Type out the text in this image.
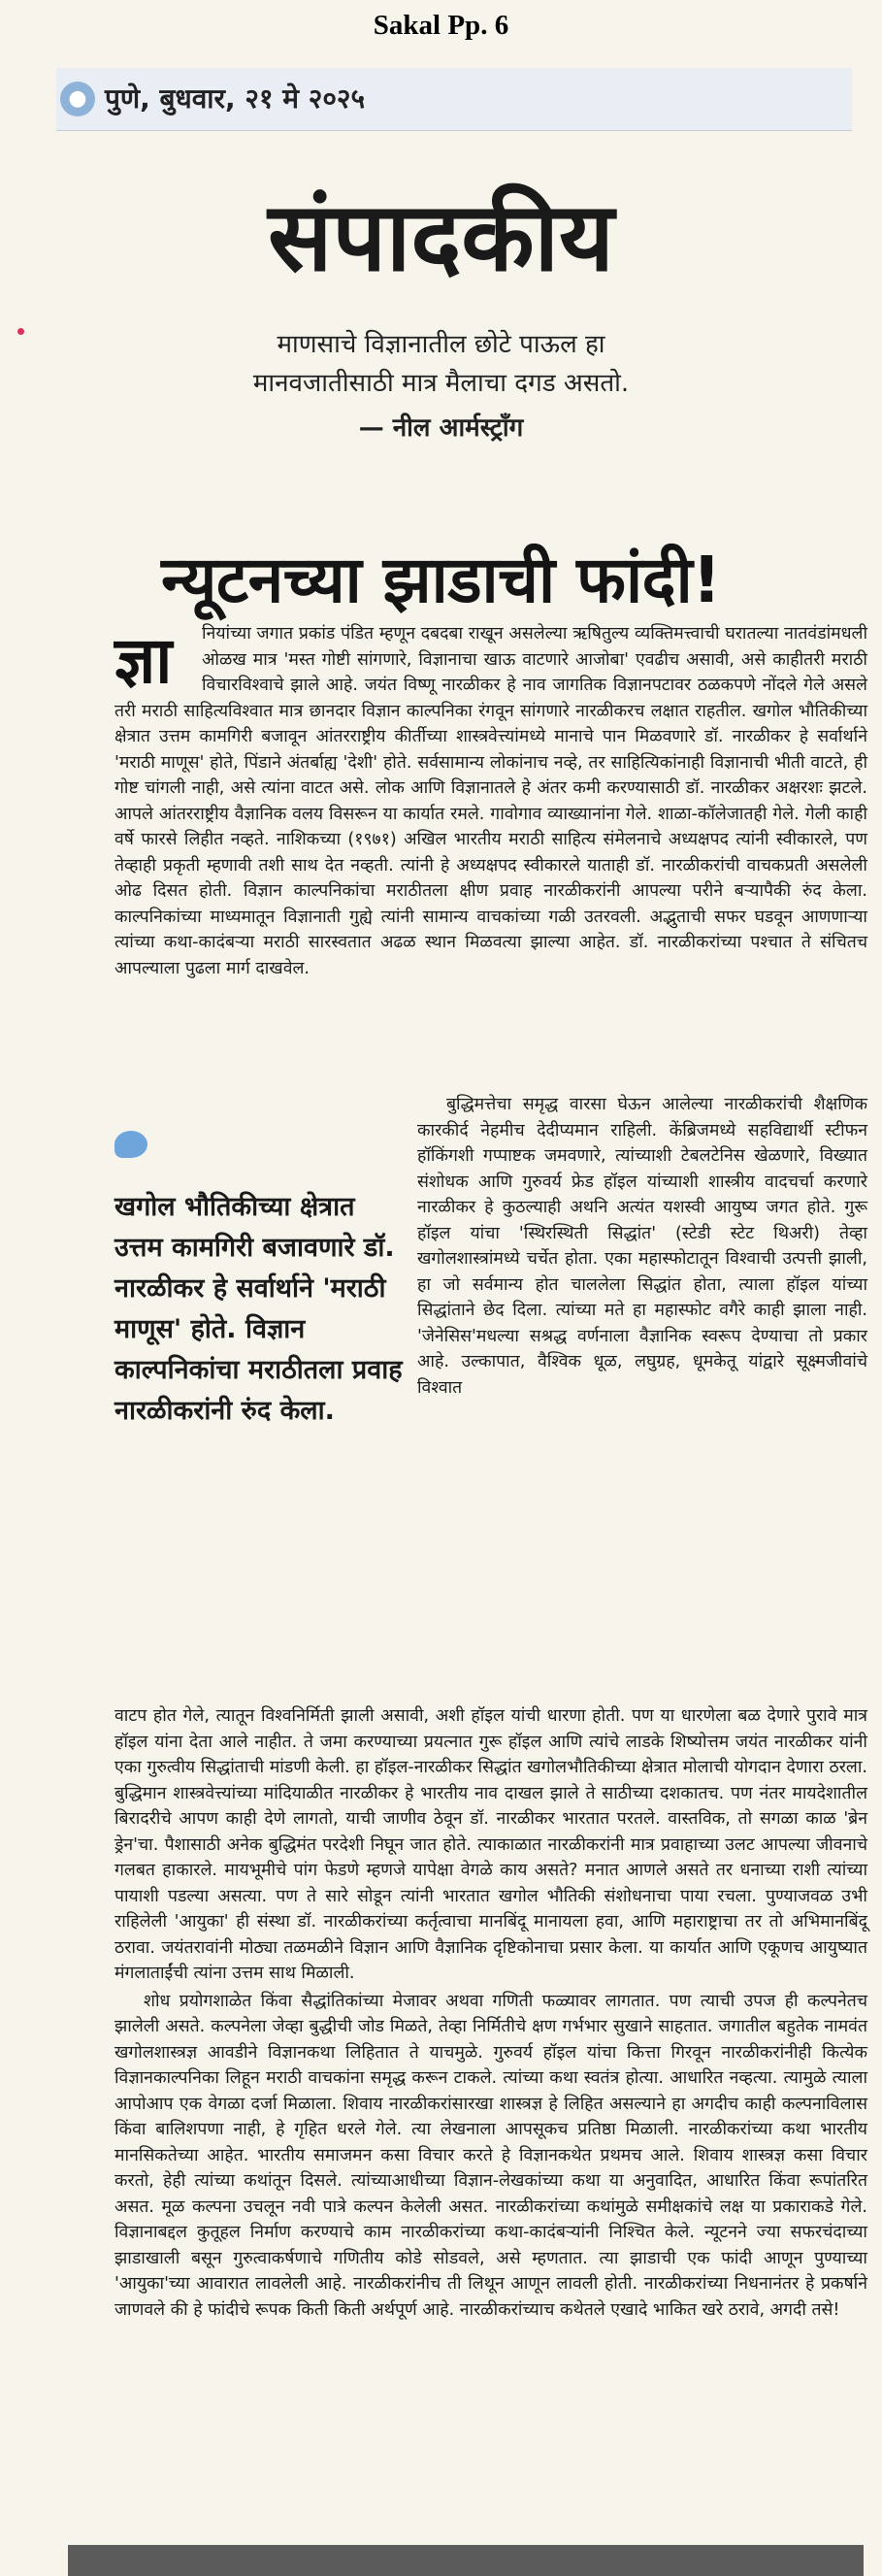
Sakal Pp. 6
● पुणे, बुधवार, २१ मे २०२५
संपादकीय
माणसाचे विज्ञानातील छोटे पाऊल हा
मानवजातीसाठी मात्र मैलाचा दगड असतो.
— नील आर्मस्ट्राँग
न्यूटनच्या झाडाची फांदी!
ज्ञा	नियांच्या जगात प्रकांड पंडित म्हणून दबदबा राखून असलेल्या ऋषितुल्य व्यक्तिमत्त्वाची घरातल्या नातवंडांमधली ओळख मात्र 'मस्त गोष्टी सांगणारे, विज्ञानाचा खाऊ वाटणारे आजोबा' एवढीच असावी, असे काहीतरी मराठी विचारविश्वाचे झाले आहे. जयंत विष्णू नारळीकर हे नाव जागतिक विज्ञानपटावर ठळकपणे नोंदले गेले असले तरी मराठी साहित्यविश्वात मात्र छानदार विज्ञान काल्पनिका रंगवून सांगणारे नारळीकरच लक्षात राहतील. खगोल भौतिकीच्या क्षेत्रात उत्तम कामगिरी बजावून आंतरराष्ट्रीय कीर्तीच्या शास्त्रवेत्त्यांमध्ये मानाचे पान मिळवणारे डॉ. नारळीकर हे सर्वार्थाने 'मराठी माणूस' होते, पिंडाने अंतर्बाह्य 'देशी' होते. सर्वसामान्य लोकांनाच नव्हे, तर साहित्यिकांनाही विज्ञानाची भीती वाटते, ही गोष्ट चांगली नाही, असे त्यांना वाटत असे. लोक आणि विज्ञानातले हे अंतर कमी करण्यासाठी डॉ. नारळीकर अक्षरशः झटले. आपले आंतरराष्ट्रीय वैज्ञानिक वलय विसरून या कार्यात रमले. गावोगाव व्याख्यानांना गेले. शाळा-कॉलेजातही गेले. गेली काही वर्षे फारसे लिहीत नव्हते. नाशिकच्या (१९७१) अखिल भारतीय मराठी साहित्य संमेलनाचे अध्यक्षपद त्यांनी स्वीकारले, पण तेव्हाही प्रकृती म्हणावी तशी साथ देत नव्हती. त्यांनी हे अध्यक्षपद स्वीकारले याताही डॉ. नारळीकरांची वाचकप्रती असलेली ओढ दिसत होती. विज्ञान काल्पनिकांचा मराठीतला क्षीण प्रवाह नारळीकरांनी आपल्या परीने बऱ्यापैकी रुंद केला. काल्पनिकांच्या माध्यमातून विज्ञानाती गुह्ये त्यांनी सामान्य वाचकांच्या गळी उतरवली. अद्भुताची सफर घडवून आणणाऱ्या त्यांच्या कथा-कादंबऱ्या मराठी सारस्वतात अढळ स्थान मिळवत्या झाल्या आहेत. डॉ. नारळीकरांच्या पश्चात ते संचितच आपल्याला पुढला मार्ग दाखवेल.

खगोल भौतिकीच्या क्षेत्रात उत्तम कामगिरी बजावणारे डॉ. नारळीकर हे सर्वार्थाने 'मराठी माणूस' होते. विज्ञान काल्पनिकांचा मराठीतला प्रवाह नारळीकरांनी रुंद केला.

बुद्धिमत्तेचा समृद्ध वारसा घेऊन आलेल्या नारळीकरांची शैक्षणिक कारकीर्द नेहमीच देदीप्यमान राहिली. केंब्रिजमध्ये सहविद्यार्थी स्टीफन हॉकिंगशी गप्पाष्टक जमवणारे, त्यांच्याशी टेबलटेनिस खेळणारे, विख्यात संशोधक आणि गुरुवर्य फ्रेड हॉइल यांच्याशी शास्त्रीय वादचर्चा करणारे नारळीकर हे कुठल्याही अथनि अत्यंत यशस्वी आयुष्य जगत होते. गुरू हॉइल यांचा 'स्थिरस्थिती सिद्धांत' (स्टेडी स्टेट थिअरी) तेव्हा खगोलशास्त्रांमध्ये चर्चेत होता. एका महास्फोटातून विश्वाची उत्पत्ती झाली, हा जो सर्वमान्य होत चाललेला सिद्धांत होता, त्याला हॉइल यांच्या सिद्धांताने छेद दिला. त्यांच्या मते हा महास्फोट वगैरे काही झाला नाही. 'जेनेसिस'मधल्या सश्रद्ध वर्णनाला वैज्ञानिक स्वरूप देण्याचा तो प्रकार आहे. उल्कापात, वैश्विक धूळ, लघुग्रह, धूमकेतू यांद्वारे सूक्ष्मजीवांचे विश्वात

वाटप होत गेले, त्यातून विश्वनिर्मिती झाली असावी, अशी हॉइल यांची धारणा होती. पण या धारणेला बळ देणारे पुरावे मात्र हॉइल यांना देता आले नाहीत. ते जमा करण्याच्या प्रयत्नात गुरू हॉइल आणि त्यांचे लाडके शिष्योत्तम जयंत नारळीकर यांनी एका गुरुत्वीय सिद्धांताची मांडणी केली. हा हॉइल-नारळीकर सिद्धांत खगोलभौतिकीच्या क्षेत्रात मोलाची योगदान देणारा ठरला. बुद्धिमान शास्त्रवेत्त्यांच्या मांदियाळीत नारळीकर हे भारतीय नाव दाखल झाले ते साठीच्या दशकातच. पण नंतर मायदेशातील बिरादरीचे आपण काही देणे लागतो, याची जाणीव ठेवून डॉ. नारळीकर भारतात परतले. वास्तविक, तो सगळा काळ 'ब्रेन ड्रेन'चा. पैशासाठी अनेक बुद्धिमंत परदेशी निघून जात होते. त्याकाळात नारळीकरांनी मात्र प्रवाहाच्या उलट आपल्या जीवनाचे गलबत हाकारले. मायभूमीचे पांग फेडणे म्हणजे यापेक्षा वेगळे काय असते? मनात आणले असते तर धनाच्या राशी त्यांच्या पायाशी पडल्या असत्या. पण ते सारे सोडून त्यांनी भारतात खगोल भौतिकी संशोधनाचा पाया रचला. पुण्याजवळ उभी राहिलेली 'आयुका' ही संस्था डॉ. नारळीकरांच्या कर्तृत्वाचा मानबिंदू मानायला हवा, आणि महाराष्ट्राचा तर तो अभिमानबिंदू ठरावा. जयंतरावांनी मोठ्या तळमळीने विज्ञान आणि वैज्ञानिक दृष्टिकोनाचा प्रसार केला. या कार्यात आणि एकूणच आयुष्यात मंगलाताईंची त्यांना उत्तम साथ मिळाली.

शोध प्रयोगशाळेत किंवा सैद्धांतिकांच्या मेजावर अथवा गणिती फळ्यावर लागतात. पण त्याची उपज ही कल्पनेतच झालेली असते. कल्पनेला जेव्हा बुद्धीची जोड मिळते, तेव्हा निर्मितीचे क्षण गर्भभार सुखाने साहतात. जगातील बहुतेक नामवंत खगोलशास्त्रज्ञ आवडीने विज्ञानकथा लिहितात ते याचमुळे. गुरुवर्य हॉइल यांचा कित्ता गिरवून नारळीकरांनीही कित्येक विज्ञानकाल्पनिका लिहून मराठी वाचकांना समृद्ध करून टाकले. त्यांच्या कथा स्वतंत्र होत्या. आधारित नव्हत्या. त्यामुळे त्याला आपोआप एक वेगळा दर्जा मिळाला. शिवाय नारळीकरांसारखा शास्त्रज्ञ हे लिहित असल्याने हा अगदीच काही कल्पनाविलास किंवा बालिशपणा नाही, हे गृहित धरले गेले. त्या लेखनाला आपसूकच प्रतिष्ठा मिळाली. नारळीकरांच्या कथा भारतीय मानसिकतेच्या आहेत. भारतीय समाजमन कसा विचार करते हे विज्ञानकथेत प्रथमच आले. शिवाय शास्त्रज्ञ कसा विचार करतो, हेही त्यांच्या कथांतून दिसले. त्यांच्याआधीच्या विज्ञान-लेखकांच्या कथा या अनुवादित, आधारित किंवा रूपांतरित असत. मूळ कल्पना उचलून नवी पात्रे कल्पन केलेली असत. नारळीकरांच्या कथांमुळे समीक्षकांचे लक्ष या प्रकाराकडे गेले. विज्ञानाबद्दल कुतूहल निर्माण करण्याचे काम नारळीकरांच्या कथा-कादंबऱ्यांनी निश्चित केले. न्यूटनने ज्या सफरचंदाच्या झाडाखाली बसून गुरुत्वाकर्षणाचे गणितीय कोडे सोडवले, असे म्हणतात. त्या झाडाची एक फांदी आणून पुण्याच्या 'आयुका'च्या आवारात लावलेली आहे. नारळीकरांनीच ती लिथून आणून लावली होती. नारळीकरांच्या निधनानंतर हे प्रकर्षाने जाणवले की हे फांदीचे रूपक किती किती अर्थपूर्ण आहे. नारळीकरांच्याच कथेतले एखादे भाकित खरे ठरावे, अगदी तसे!
